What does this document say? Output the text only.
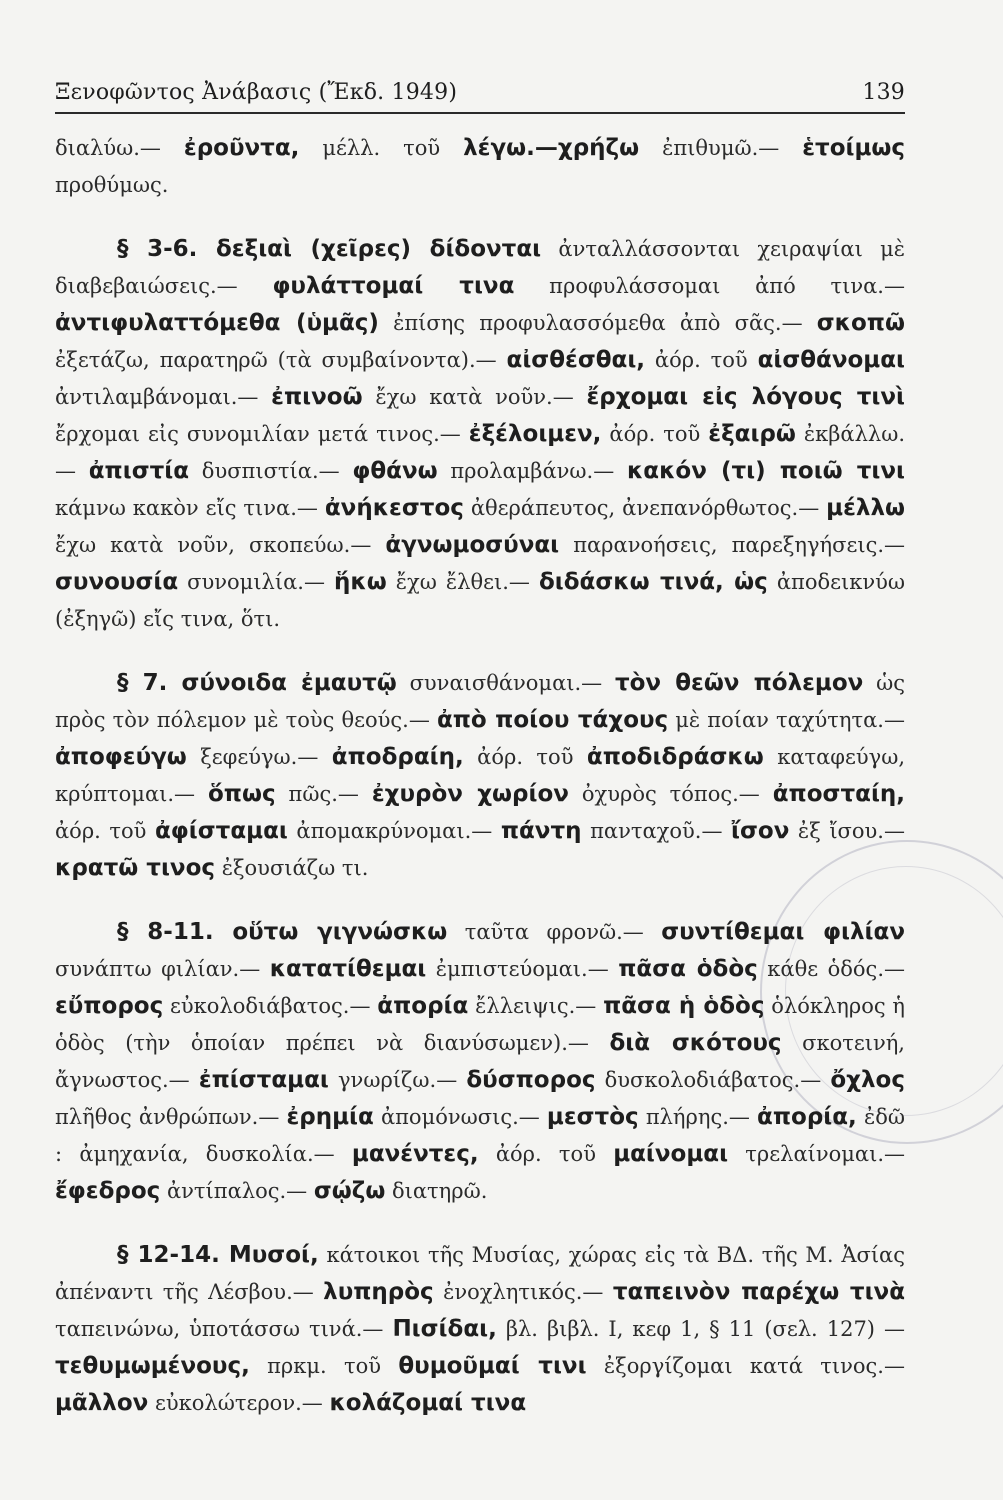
Ξενοφῶντος Ἀνάβασις (Ἔκδ. 1949)	139

διαλύω.— ἐροῦντα, μέλλ. τοῦ λέγω.—χρήζω ἐπιθυμῶ.— ἑτοίμως προθύμως.

§ 3-6. δεξιαὶ (χεῖρες) δίδονται ἀνταλλάσσονται χειραψίαι μὲ διαβεβαιώσεις.— φυλάττομαί τινα προφυλάσσομαι ἀπό τινα.— ἀντιφυλαττόμεθα (ὑμᾶς) ἐπίσης προφυλασσόμεθα ἀπὸ σᾶς.— σκοπῶ ἐξετάζω, παρατηρῶ (τὰ συμβαίνοντα).— αἰσθέσθαι, ἀόρ. τοῦ αἰσθάνομαι ἀντιλαμβάνομαι.— ἐπινοῶ ἔχω κατὰ νοῦν.— ἔρχομαι εἰς λόγους τινὶ ἔρχομαι εἰς συνομιλίαν μετά τινος.— ἐξέλοιμεν, ἀόρ. τοῦ ἐξαιρῶ ἐκβάλλω.— ἀπιστία δυσπιστία.— φθάνω προλαμβάνω.— κακόν (τι) ποιῶ τινι κάμνω κακὸν εἴς τινα.— ἀνήκεστος ἀθεράπευτος, ἀνεπανόρθωτος.— μέλλω ἔχω κατὰ νοῦν, σκοπεύω.— ἀγνωμοσύναι παρανοήσεις, παρεξηγήσεις.— συνουσία συνομιλία.— ἥκω ἔχω ἔλθει.— διδάσκω τινά, ὡς ἀποδεικνύω (ἐξηγῶ) εἴς τινα, ὅτι.

§ 7. σύνοιδα ἐμαυτῷ συναισθάνομαι.— τὸν θεῶν πόλεμον ὡς πρὸς τὸν πόλεμον μὲ τοὺς θεούς.— ἀπὸ ποίου τάχους μὲ ποίαν ταχύτητα.— ἀποφεύγω ξεφεύγω.— ἀποδραίη, ἀόρ. τοῦ ἀποδιδράσκω καταφεύγω, κρύπτομαι.— ὅπως πῶς.— ἐχυρὸν χωρίον ὀχυρὸς τόπος.— ἀποσταίη, ἀόρ. τοῦ ἀφίσταμαι ἀπομακρύνομαι.— πάντη πανταχοῦ.— ἴσον ἐξ ἴσου.— κρατῶ τινος ἐξουσιάζω τι.

§ 8-11. οὕτω γιγνώσκω ταῦτα φρονῶ.— συντίθεμαι φιλίαν συνάπτω φιλίαν.— κατατίθεμαι ἐμπιστεύομαι.— πᾶσα ὁδὸς κάθε ὁδός.— εὔπορος εὐκολοδιάβατος.— ἀπορία ἔλλειψις.— πᾶσα ἡ ὁδὸς ὁλόκληρος ἡ ὁδὸς (τὴν ὁποίαν πρέπει νὰ διανύσωμεν).— διὰ σκότους σκοτεινή, ἄγνωστος.— ἐπίσταμαι γνωρίζω.— δύσπορος δυσκολοδιάβατος.— ὄχλος πλῆθος ἀνθρώπων.— ἐρημία ἀπομόνωσις.— μεστὸς πλήρης.— ἀπορία, ἐδῶ : ἀμηχανία, δυσκολία.— μανέντες, ἀόρ. τοῦ μαίνομαι τρελαίνομαι.— ἔφεδρος ἀντίπαλος.— σῴζω διατηρῶ.

§ 12-14. Μυσοί, κάτοικοι τῆς Μυσίας, χώρας εἰς τὰ ΒΔ. τῆς Μ. Ἀσίας ἀπέναντι τῆς Λέσβου.— λυπηρὸς ἐνοχλητικός.— ταπεινὸν παρέχω τινὰ ταπεινώνω, ὑποτάσσω τινά.— Πισίδαι, βλ. βιβλ. Ι, κεφ 1, § 11 (σελ. 127) —τεθυμωμένους, πρκμ. τοῦ θυμοῦμαί τινι ἐξοργίζομαι κατά τινος.— μᾶλλον εὐκολώτερον.— κολάζομαί τινα
